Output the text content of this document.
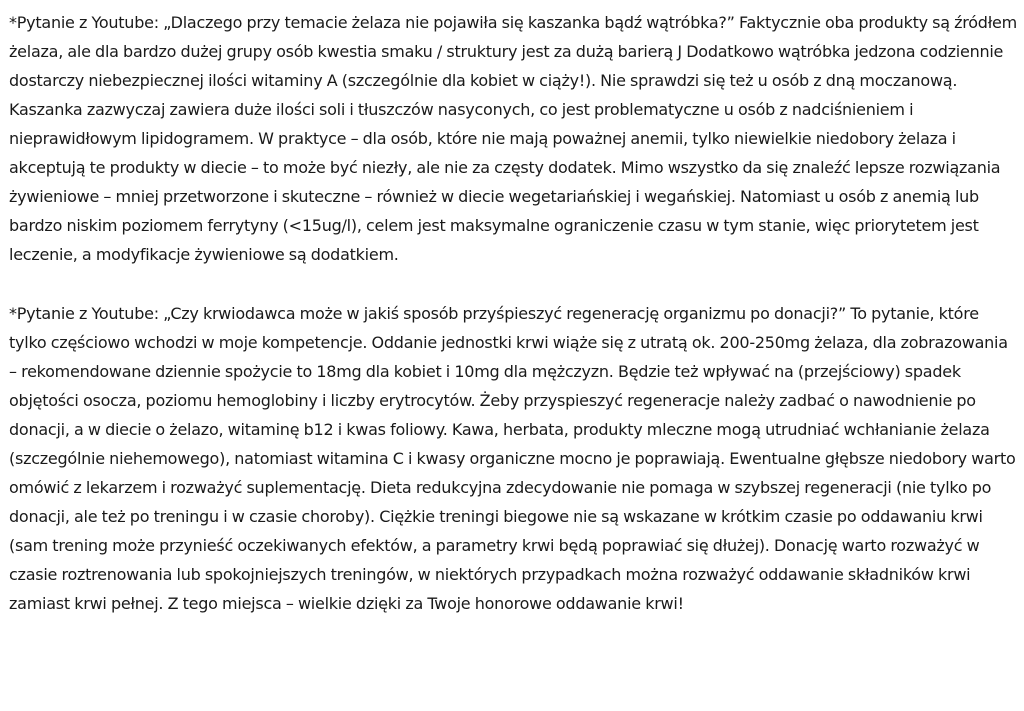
*Pytanie z Youtube: „Dlaczego przy temacie żelaza nie pojawiła się kaszanka bądź wątróbka?” Faktycznie oba produkty są źródłem żelaza, ale dla bardzo dużej grupy osób kwestia smaku / struktury jest za dużą barierą J Dodatkowo wątróbka jedzona codziennie dostarczy niebezpiecznej ilości witaminy A (szczególnie dla kobiet w ciąży!). Nie sprawdzi się też u osób z dną moczanową. Kaszanka zazwyczaj zawiera duże ilości soli i tłuszczów nasyconych, co jest problematyczne u osób z nadciśnieniem i nieprawidłowym lipidogramem. W praktyce – dla osób, które nie mają poważnej anemii, tylko niewielkie niedobory żelaza i akceptują te produkty w diecie – to może być niezły, ale nie za częsty dodatek. Mimo wszystko da się znaleźć lepsze rozwiązania żywieniowe – mniej przetworzone i skuteczne – również w diecie wegetariańskiej i wegańskiej. Natomiast u osób z anemią lub bardzo niskim poziomem ferrytyny (<15ug/l), celem jest maksymalne ograniczenie czasu w tym stanie, więc priorytetem jest leczenie, a modyfikacje żywieniowe są dodatkiem.

*Pytanie z Youtube: „Czy krwiodawca może w jakiś sposób przyśpieszyć regenerację organizmu po donacji?” To pytanie, które tylko częściowo wchodzi w moje kompetencje. Oddanie jednostki krwi wiąże się z utratą ok. 200-250mg żelaza, dla zobrazowania – rekomendowane dziennie spożycie to 18mg dla kobiet i 10mg dla mężczyzn. Będzie też wpływać na (przejściowy) spadek objętości osocza, poziomu hemoglobiny i liczby erytrocytów. Żeby przyspieszyć regeneracje należy zadbać o nawodnienie po donacji, a w diecie o żelazo, witaminę b12 i kwas foliowy. Kawa, herbata, produkty mleczne mogą utrudniać wchłanianie żelaza (szczególnie niehemowego), natomiast witamina C i kwasy organiczne mocno je poprawiają. Ewentualne głębsze niedobory warto omówić z lekarzem i rozważyć suplementację. Dieta redukcyjna zdecydowanie nie pomaga w szybszej regeneracji (nie tylko po donacji, ale też po treningu i w czasie choroby). Ciężkie treningi biegowe nie są wskazane w krótkim czasie po oddawaniu krwi (sam trening może przynieść oczekiwanych efektów, a parametry krwi będą poprawiać się dłużej). Donację warto rozważyć w czasie roztrenowania lub spokojniejszych treningów, w niektórych przypadkach można rozważyć oddawanie składników krwi zamiast krwi pełnej. Z tego miejsca – wielkie dzięki za Twoje honorowe oddawanie krwi!
